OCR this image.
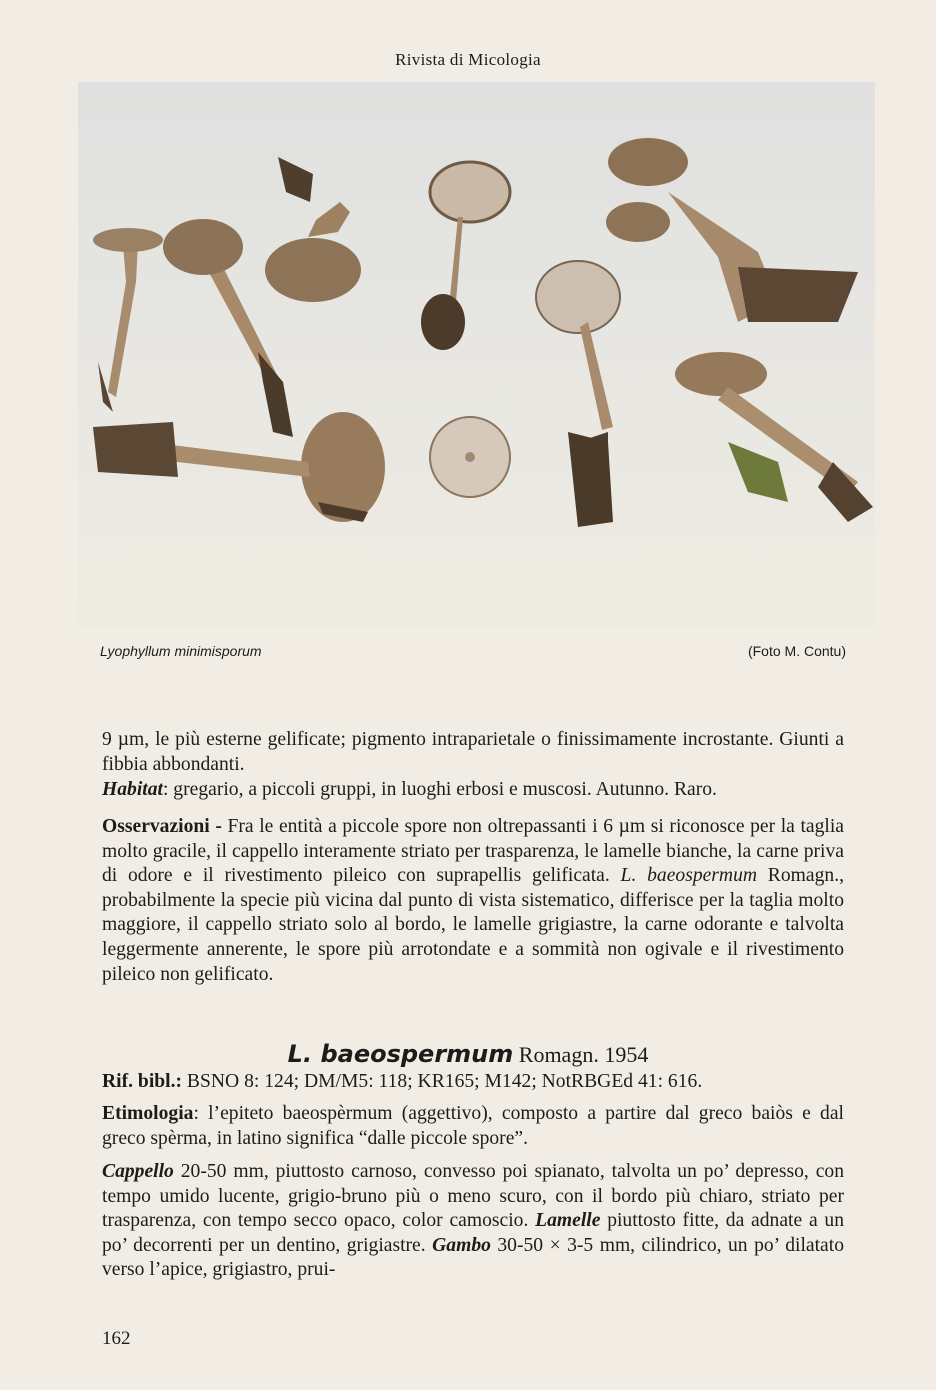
Rivista di Micologia
Lyophyllum minimisporum	(Foto M. Contu)

9 µm, le più esterne gelificate; pigmento intraparietale o finissimamente incrostante. Giunti a fibbia abbondanti.

Habitat: gregario, a piccoli gruppi, in luoghi erbosi e muscosi. Autunno. Raro.

Osservazioni - Fra le entità a piccole spore non oltrepassanti i 6 µm si riconosce per la taglia molto gracile, il cappello interamente striato per trasparenza, le lamelle bianche, la carne priva di odore e il rivestimento pileico con suprapellis gelificata. L. baeospermum Romagn., probabilmente la specie più vicina dal punto di vista sistematico, differisce per la taglia molto maggiore, il cappello striato solo al bordo, le lamelle grigiastre, la carne odorante e talvolta leggermente annerente, le spore più arrotondate e a sommità non ogivale e il rivestimento pileico non gelificato.

L. baeospermum Romagn. 1954

Rif. bibl.: BSNO 8: 124; DM/M5: 118; KR165; M142; NotRBGEd 41: 616.

Etimologia: l’epiteto baeospèrmum (aggettivo), composto a partire dal greco baiòs e dal greco spèrma, in latino significa “dalle piccole spore”.

Cappello 20-50 mm, piuttosto carnoso, convesso poi spianato, talvolta un po’ depresso, con tempo umido lucente, grigio-bruno più o meno scuro, con il bordo più chiaro, striato per trasparenza, con tempo secco opaco, color camoscio. Lamelle piuttosto fitte, da adnate a un po’ decorrenti per un dentino, grigiastre. Gambo 30-50 × 3-5 mm, cilindrico, un po’ dilatato verso l’apice, grigiastro, prui-

162
